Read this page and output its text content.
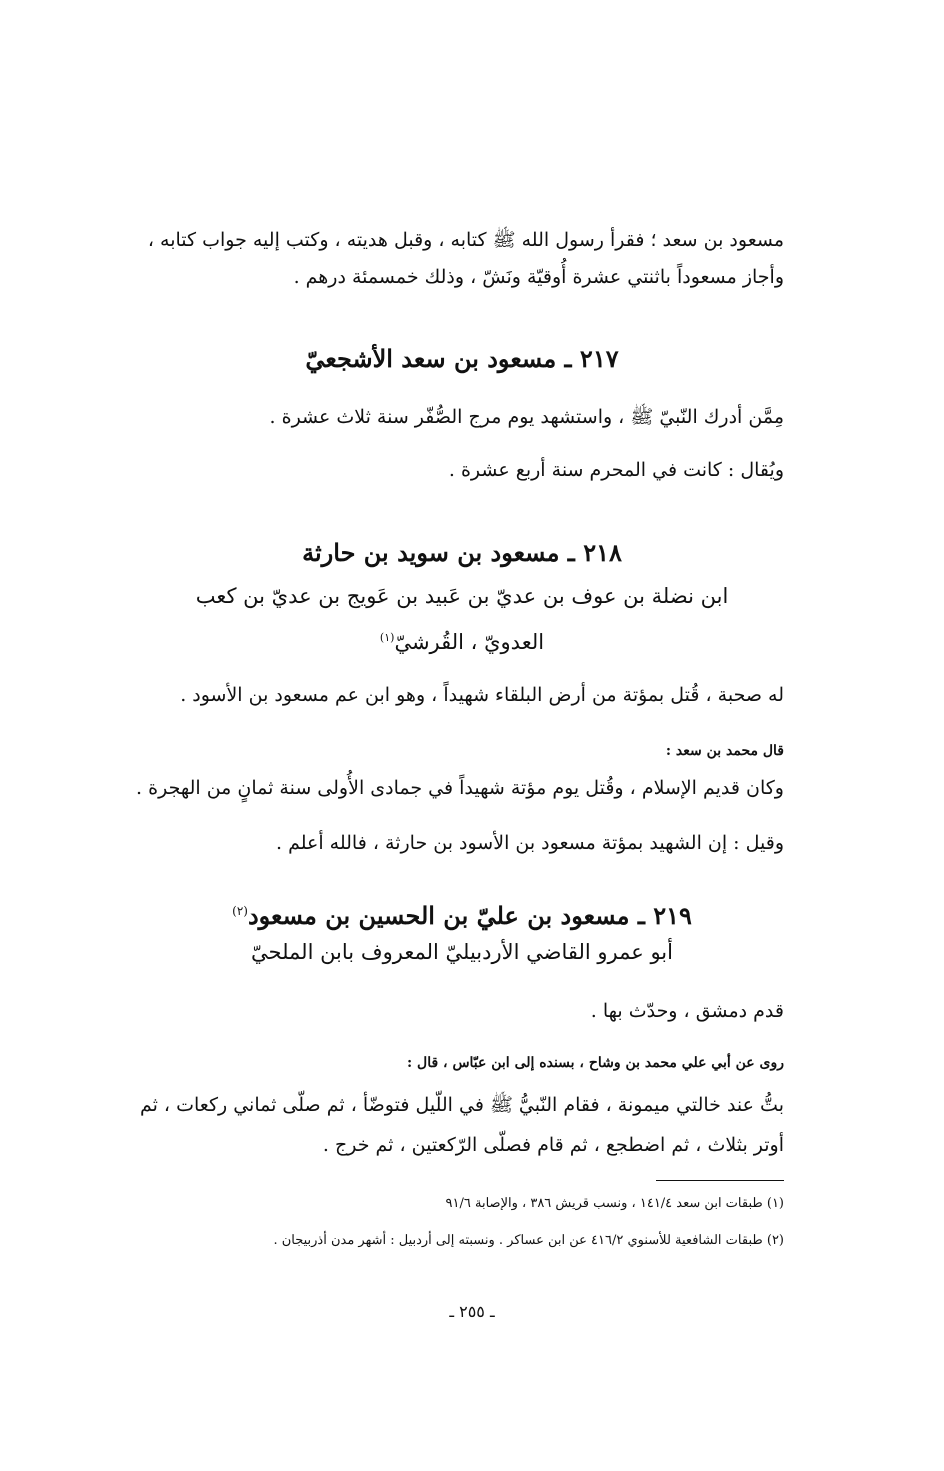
مسعود بن سعد ؛ فقرأ رسول الله ﷺ كتابه ، وقبل هديته ، وكتب إليه جواب كتابه ،
وأجاز مسعوداً باثنتي عشرة أُوقيّة ونَشّ ، وذلك خمسمئة درهم .
٢١٧ ـ مسعود بن سعد الأشجعيّ
مِمَّن أدرك النّبيّ ﷺ ، واستشهد يوم مرج الصُّفّر سنة ثلاث عشرة .
ويُقال : كانت في المحرم سنة أربع عشرة .
٢١٨ ـ مسعود بن سويد بن حارثة
ابن نضلة بن عوف بن عديّ بن عَبيد بن عَويج بن عديّ بن كعب
العدويّ ، القُرشيّ$^{(١)}$
له صحبة ، قُتل بمؤتة من أرض البلقاء شهيداً ، وهو ابن عم مسعود بن الأسود .
قال محمد بن سعد :
وكان قديم الإسلام ، وقُتل يوم مؤتة شهيداً في جمادى الأُولى سنة ثمانٍ من الهجرة .
وقيل : إن الشهيد بمؤتة مسعود بن الأسود بن حارثة ، فالله أعلم .
٢١٩ ـ مسعود بن عليّ بن الحسين بن مسعود$^{(٢)}$
أبو عمرو القاضي الأردبيليّ المعروف بابن الملحيّ
قدم دمشق ، وحدّث بها .
روى عن أبي علي محمد بن وشاح ، بسنده إلى ابن عبّاس ، قال :
بتُّ عند خالتي ميمونة ، فقام النّبيُّ ﷺ في اللّيل فتوضّأ ، ثم صلّى ثماني ركعات ، ثم
أوتر بثلاث ، ثم اضطجع ، ثم قام فصلّى الرّكعتين ، ثم خرج .
(١) طبقات ابن سعد ١٤١/٤ ، ونسب قريش ٣٨٦ ، والإصابة ٩١/٦
(٢) طبقات الشافعية للأسنوي ٤١٦/٢ عن ابن عساكر . ونسبته إلى أردبيل : أشهر مدن أذربيجان .
ـ ٢٥٥ ـ
